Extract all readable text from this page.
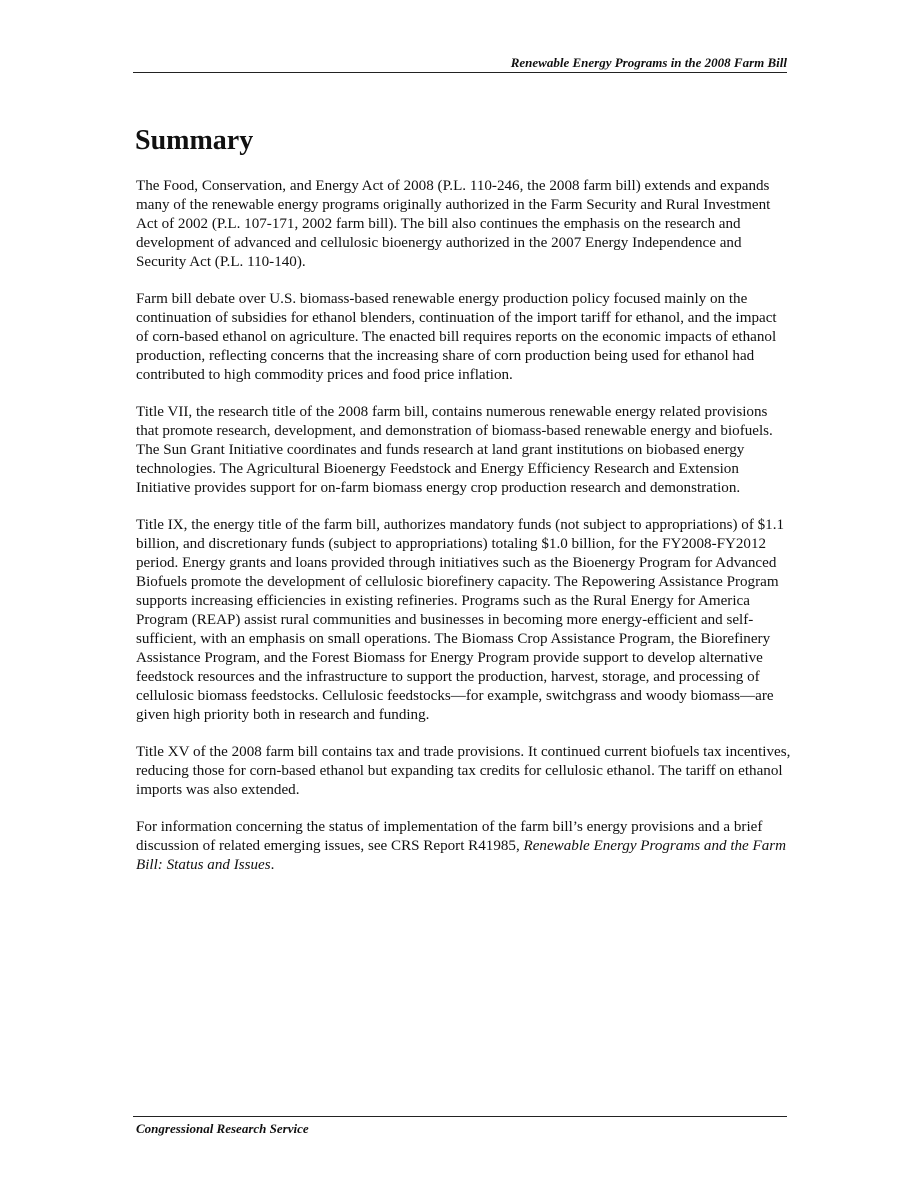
Renewable Energy Programs in the 2008 Farm Bill
Summary

The Food, Conservation, and Energy Act of 2008 (P.L. 110-246, the 2008 farm bill) extends and expands many of the renewable energy programs originally authorized in the Farm Security and Rural Investment Act of 2002 (P.L. 107-171, 2002 farm bill). The bill also continues the emphasis on the research and development of advanced and cellulosic bioenergy authorized in the 2007 Energy Independence and Security Act (P.L. 110-140).

Farm bill debate over U.S. biomass-based renewable energy production policy focused mainly on the continuation of subsidies for ethanol blenders, continuation of the import tariff for ethanol, and the impact of corn-based ethanol on agriculture. The enacted bill requires reports on the economic impacts of ethanol production, reflecting concerns that the increasing share of corn production being used for ethanol had contributed to high commodity prices and food price inflation.

Title VII, the research title of the 2008 farm bill, contains numerous renewable energy related provisions that promote research, development, and demonstration of biomass-based renewable energy and biofuels. The Sun Grant Initiative coordinates and funds research at land grant institutions on biobased energy technologies. The Agricultural Bioenergy Feedstock and Energy Efficiency Research and Extension Initiative provides support for on-farm biomass energy crop production research and demonstration.

Title IX, the energy title of the farm bill, authorizes mandatory funds (not subject to appropriations) of $1.1 billion, and discretionary funds (subject to appropriations) totaling $1.0 billion, for the FY2008-FY2012 period. Energy grants and loans provided through initiatives such as the Bioenergy Program for Advanced Biofuels promote the development of cellulosic biorefinery capacity. The Repowering Assistance Program supports increasing efficiencies in existing refineries. Programs such as the Rural Energy for America Program (REAP) assist rural communities and businesses in becoming more energy-efficient and self-sufficient, with an emphasis on small operations. The Biomass Crop Assistance Program, the Biorefinery Assistance Program, and the Forest Biomass for Energy Program provide support to develop alternative feedstock resources and the infrastructure to support the production, harvest, storage, and processing of cellulosic biomass feedstocks. Cellulosic feedstocks—for example, switchgrass and woody biomass—are given high priority both in research and funding.

Title XV of the 2008 farm bill contains tax and trade provisions. It continued current biofuels tax incentives, reducing those for corn-based ethanol but expanding tax credits for cellulosic ethanol. The tariff on ethanol imports was also extended.

For information concerning the status of implementation of the farm bill’s energy provisions and a brief discussion of related emerging issues, see CRS Report R41985, Renewable Energy Programs and the Farm Bill: Status and Issues.

Congressional Research Service
